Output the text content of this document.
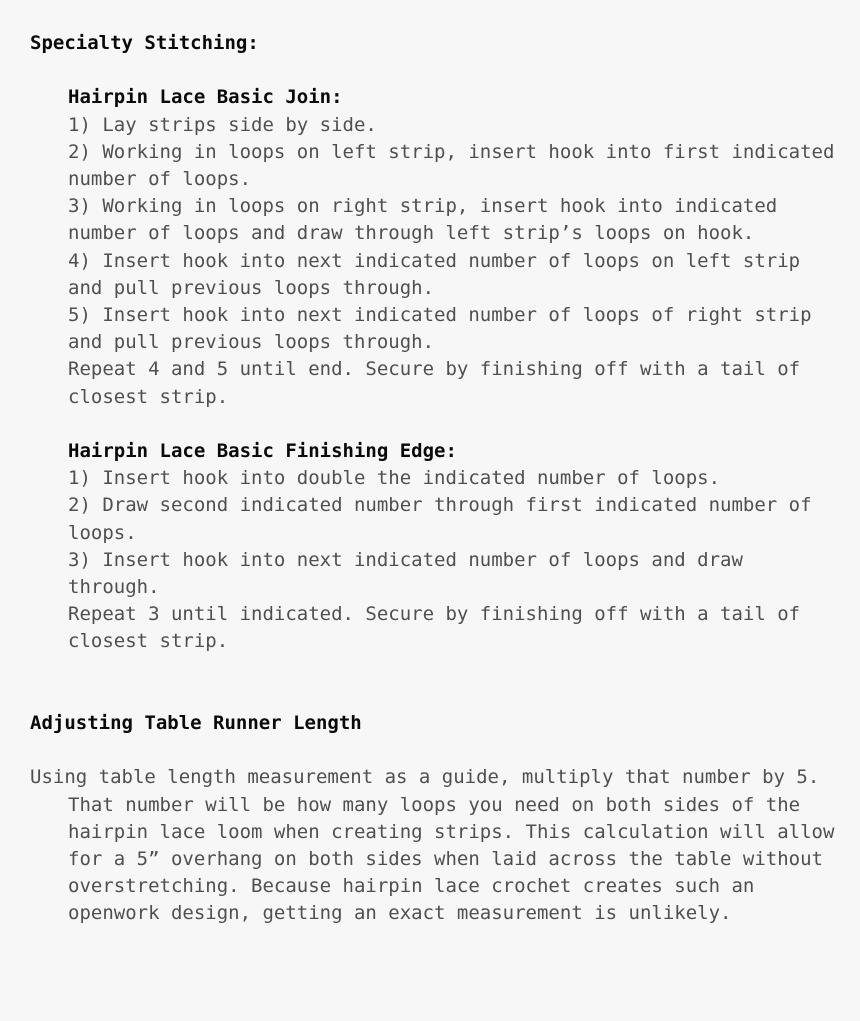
Specialty Stitching:
Hairpin Lace Basic Join:

1) Lay strips side by side.

2) Working in loops on left strip, insert hook into first indicated number of loops.

3) Working in loops on right strip, insert hook into indicated number of loops and draw through left strip’s loops on hook.

4) Insert hook into next indicated number of loops on left strip and pull previous loops through.

5) Insert hook into next indicated number of loops of right strip and pull previous loops through.

Repeat 4 and 5 until end. Secure by finishing off with a tail of closest strip.

Hairpin Lace Basic Finishing Edge:

1) Insert hook into double the indicated number of loops.

2) Draw second indicated number through first indicated number of loops.

3) Insert hook into next indicated number of loops and draw through.

Repeat 3 until indicated. Secure by finishing off with a tail of closest strip.

Adjusting Table Runner Length

Using table length measurement as a guide, multiply that number by 5. That number will be how many loops you need on both sides of the hairpin lace loom when creating strips. This calculation will allow for a 5” overhang on both sides when laid across the table without overstretching. Because hairpin lace crochet creates such an openwork design, getting an exact measurement is unlikely.
